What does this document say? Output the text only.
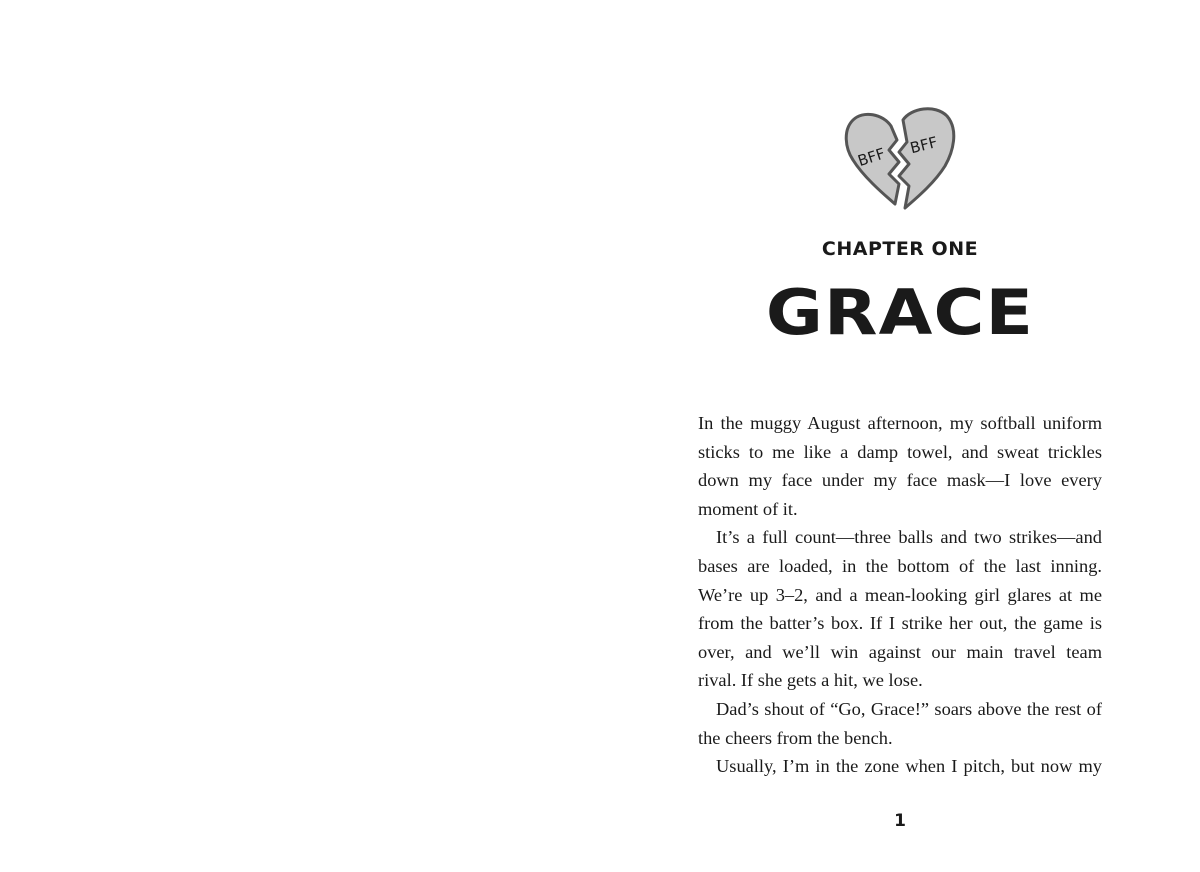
BFF BFF
CHAPTER ONE
GRACE
In the muggy August afternoon, my softball uniform
sticks to me like a damp towel, and sweat trickles
down my face under my face mask—I love every
moment of it.
It’s a full count—three balls and two strikes—and
bases are loaded, in the bottom of the last inning.
We’re up 3–2, and a mean-looking girl glares at me
from the batter’s box. If I strike her out, the game is
over, and we’ll win against our main travel team
rival. If she gets a hit, we lose.
Dad’s shout of “Go, Grace!” soars above the rest of
the cheers from the bench.
Usually, I’m in the zone when I pitch, but now my
1
